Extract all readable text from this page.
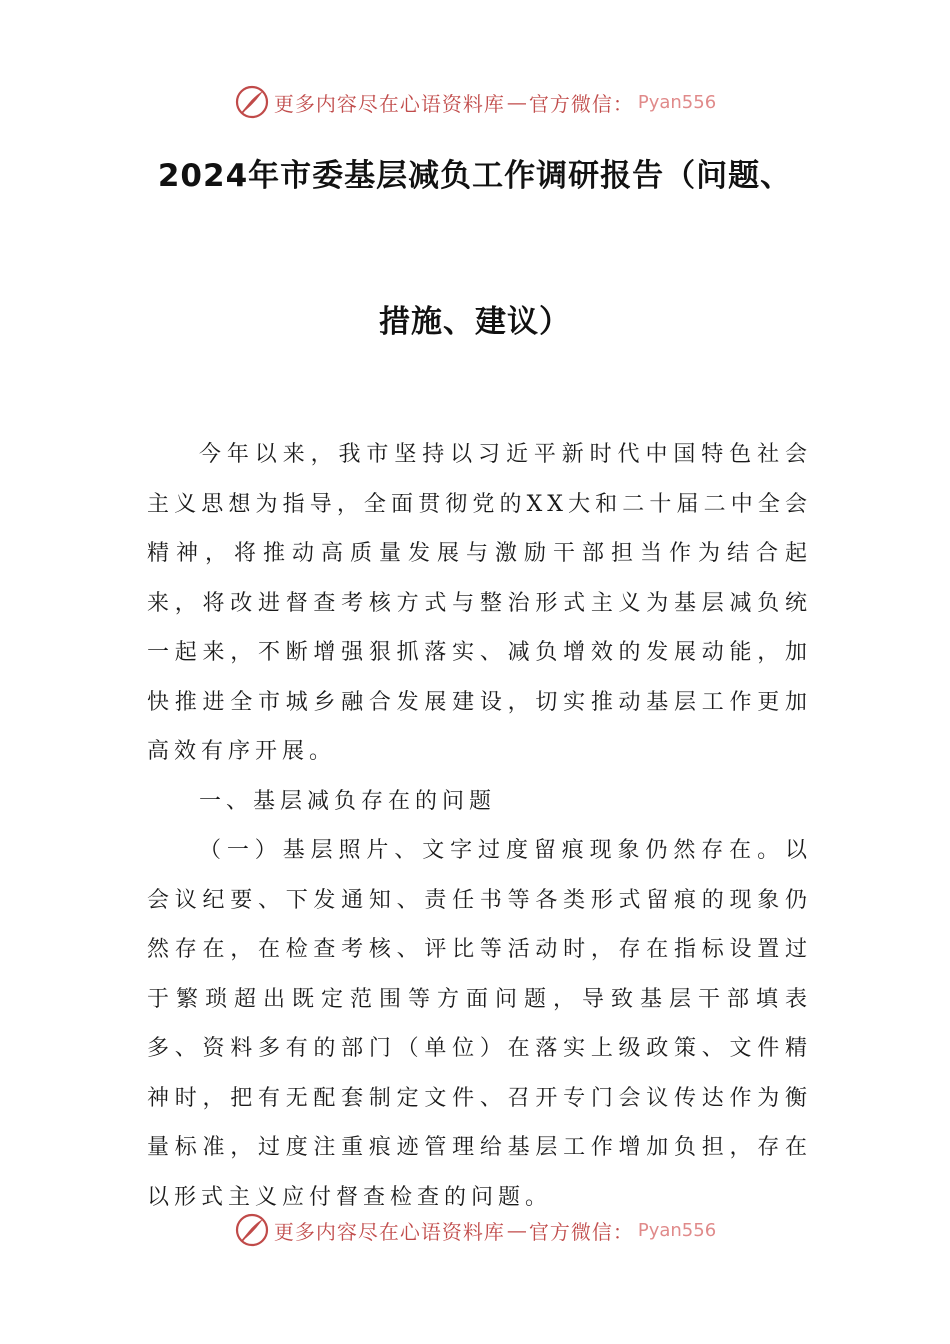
更多内容尽在心语资料库 — 官方微信： Pyan556
2024年市委基层减负工作调研报告（问题、
措施、建议）

今年以来，我市坚持以习近平新时代中国特色社会主义思想为指导，全面贯彻党的XX大和二十届二中全会精神，将推动高质量发展与激励干部担当作为结合起来，将改进督查考核方式与整治形式主义为基层减负统一起来，不断增强狠抓落实、减负增效的发展动能，加快推进全市城乡融合发展建设，切实推动基层工作更加高效有序开展。

一、基层减负存在的问题

（一）基层照片、文字过度留痕现象仍然存在。以会议纪要、下发通知、责任书等各类形式留痕的现象仍然存在，在检查考核、评比等活动时，存在指标设置过于繁琐超出既定范围等方面问题，导致基层干部填表多、资料多有的部门（单位）在落实上级政策、文件精神时，把有无配套制定文件、召开专门会议传达作为衡量标准，过度注重痕迹管理给基层工作增加负担，存在以形式主义应付督查检查的问题。

更多内容尽在心语资料库 — 官方微信： Pyan556
